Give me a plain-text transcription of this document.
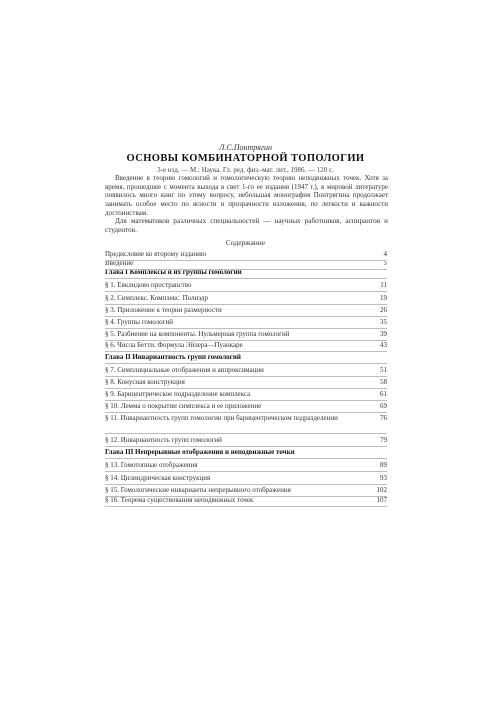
Л.С.Понтрягин
ОСНОВЫ КОМБИНАТОРНОЙ ТОПОЛОГИИ
3-е изд. — М.: Наука. Гл. ред. физ.-мат. лит., 1986. — 120 с.
Введение в теорию гомологий и гомологическую теорию неподвижных точек. Хотя за время, прошедшее с момента выхода в свет 1-го ее издания (1947 г.), в мировой литературе появилось много книг по этому вопросу, небольшая монография Понтрягина продолжает занимать особое место по ясности и прозрачности изложения, по легкости и важности достоинствам.
Для математиков различных специальностей — научных работников, аспирантов и студентов.
Содержание
Предисловие ко второму изданию	4
Введение	5
Глава I Комплексы и их группы гомологий
§ 1. Евклидово пространство	11
§ 2. Симплекс. Комплекс. Полиэдр	19
§ 3. Приложение к теории размерности	26
§ 4. Группы гомологий	35
§ 5. Разбиение на компоненты. Нульмерная группа гомологий	39
§ 6. Числа Бетти. Формула Эйлера—Пуанкаре	43
Глава II Инвариантность групп гомологий
§ 7. Симплициальные отображения и аппроксимации	51
§ 8. Конусная конструкция	58
§ 9. Барицентрическое подразделение комплекса	61
§ 10. Лемма о покрытии симплекса и ее приложение	69
§ 11. Инвариантность групп гомологии при барицентрическом подразделении	76
§ 12. Инвариантность групп гомологий	79
Глава III Непрерывные отображения и неподвижные точки
§ 13. Гомотопные отображения	89
§ 14. Цилиндрическая конструкция	93
§ 15. Гомологические инварианты непрерывного отображения	102
§ 16. Теорема существования неподвижных точек	107
